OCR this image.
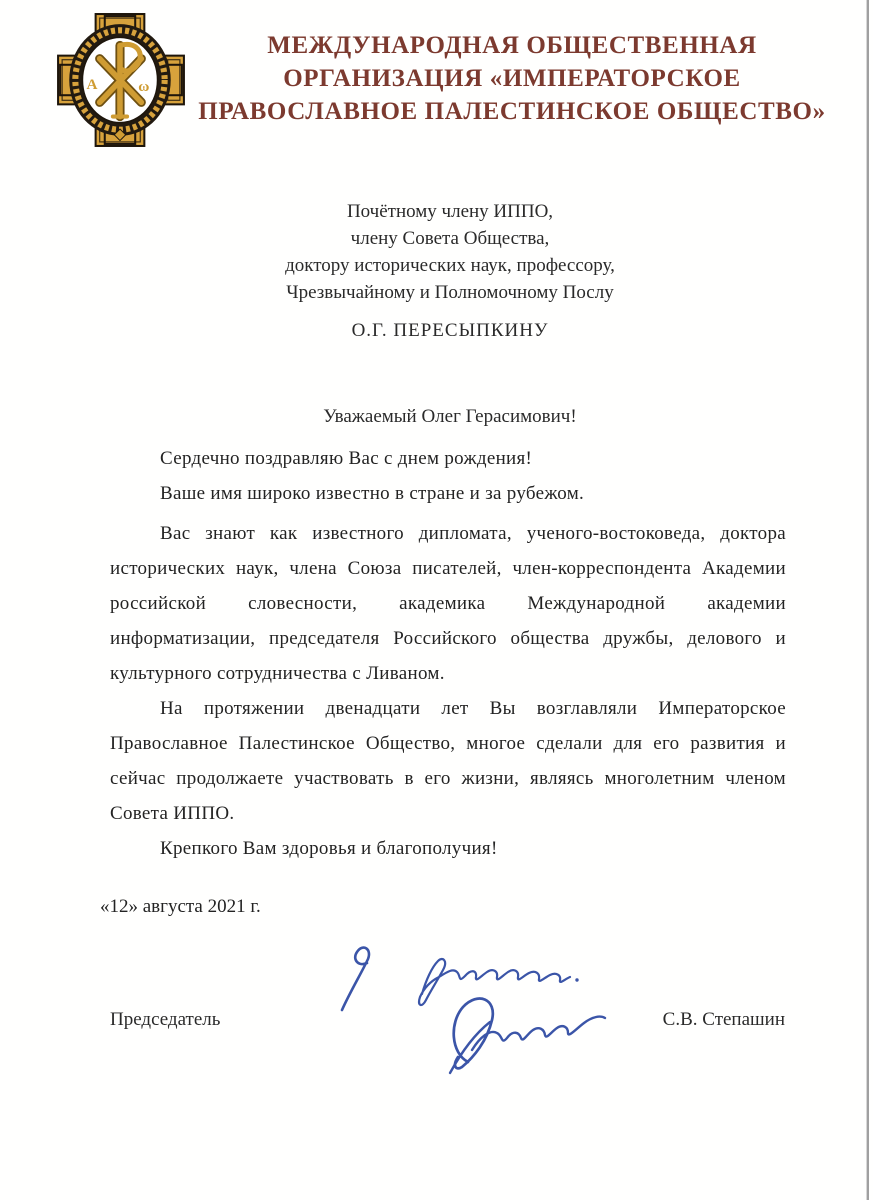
А	ω
МЕЖДУНАРОДНАЯ ОБЩЕСТВЕННАЯ
ОРГАНИЗАЦИЯ «ИМПЕРАТОРСКОЕ
ПРАВОСЛАВНОЕ ПАЛЕСТИНСКОЕ ОБЩЕСТВО»
Почётному члену ИППО,
члену Совета Общества,
доктору исторических наук, профессору,
Чрезвычайному и Полномочному Послу
О.Г. ПЕРЕСЫПКИНУ
Уважаемый Олег Герасимович!

Сердечно поздравляю Вас с днем рождения!

Ваше имя широко известно в стране и за рубежом.

Вас знают как известного дипломата, ученого-востоковеда, доктора исторических наук, члена Союза писателей, член-корреспондента Академии российской словесности, академика Международной академии информатизации, председателя Российского общества дружбы, делового и культурного сотрудничества с Ливаном.

На протяжении двенадцати лет Вы возглавляли Императорское Православное Палестинское Общество, многое сделали для его развития и сейчас продолжаете участвовать в его жизни, являясь многолетним членом Совета ИППО.

Крепкого Вам здоровья и благополучия!

«12» августа 2021 г.
Председатель	С.В. Степашин
